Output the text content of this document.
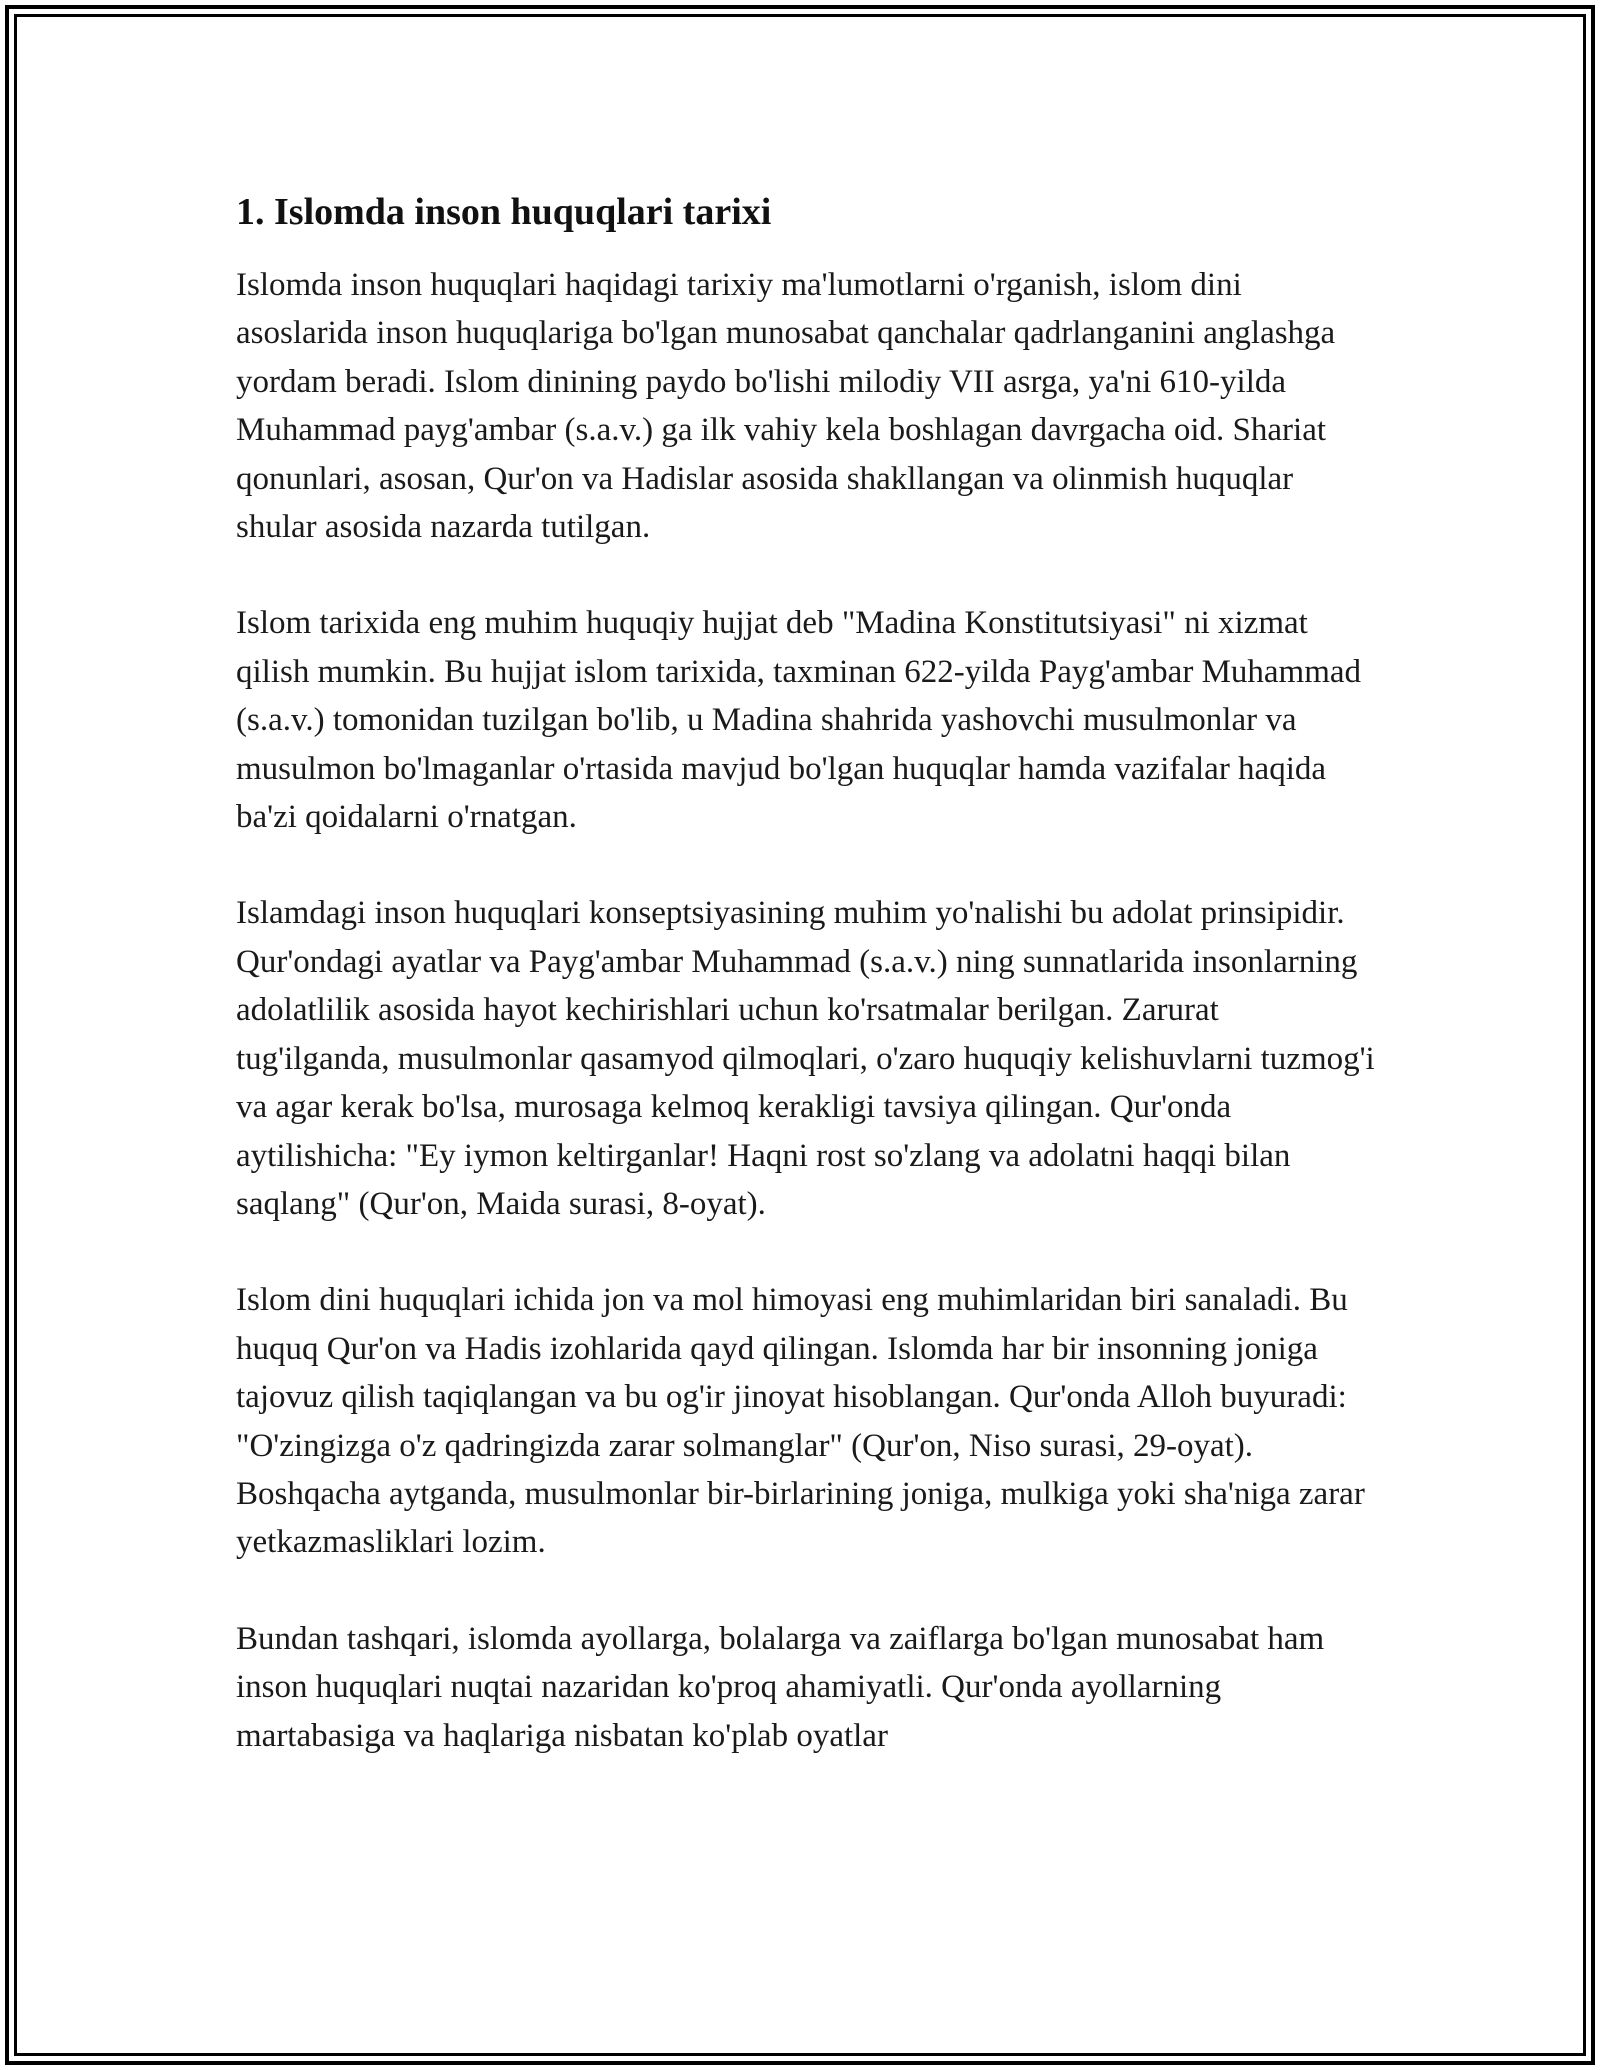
1. Islomda inson huquqlari tarixi

Islomda inson huquqlari haqidagi tarixiy ma'lumotlarni o'rganish, islom dini asoslarida inson huquqlariga bo'lgan munosabat qanchalar qadrlanganini anglashga yordam beradi. Islom dinining paydo bo'lishi milodiy VII asrga, ya'ni 610-yilda Muhammad payg'ambar (s.a.v.) ga ilk vahiy kela boshlagan davrgacha oid. Shariat qonunlari, asosan, Qur'on va Hadislar asosida shakllangan va olinmish huquqlar shular asosida nazarda tutilgan.

Islom tarixida eng muhim huquqiy hujjat deb "Madina Konstitutsiyasi" ni xizmat qilish mumkin. Bu hujjat islom tarixida, taxminan 622-yilda Payg'ambar Muhammad (s.a.v.) tomonidan tuzilgan bo'lib, u Madina shahrida yashovchi musulmonlar va musulmon bo'lmaganlar o'rtasida mavjud bo'lgan huquqlar hamda vazifalar haqida ba'zi qoidalarni o'rnatgan.

Islamdagi inson huquqlari konseptsiyasining muhim yo'nalishi bu adolat prinsipidir. Qur'ondagi ayatlar va Payg'ambar Muhammad (s.a.v.) ning sunnatlarida insonlarning adolatlilik asosida hayot kechirishlari uchun ko'rsatmalar berilgan. Zarurat tug'ilganda, musulmonlar qasamyod qilmoqlari, o'zaro huquqiy kelishuvlarni tuzmog'i va agar kerak bo'lsa, murosaga kelmoq kerakligi tavsiya qilingan. Qur'onda aytilishicha: "Ey iymon keltirganlar! Haqni rost so'zlang va adolatni haqqi bilan saqlang" (Qur'on, Maida surasi, 8-oyat).

Islom dini huquqlari ichida jon va mol himoyasi eng muhimlaridan biri sanaladi. Bu huquq Qur'on va Hadis izohlarida qayd qilingan. Islomda har bir insonning joniga tajovuz qilish taqiqlangan va bu og'ir jinoyat hisoblangan. Qur'onda Alloh buyuradi: "O'zingizga o'z qadringizda zarar solmanglar" (Qur'on, Niso surasi, 29-oyat). Boshqacha aytganda, musulmonlar bir-birlarining joniga, mulkiga yoki sha'niga zarar yetkazmasliklari lozim.

Bundan tashqari, islomda ayollarga, bolalarga va zaiflarga bo'lgan munosabat ham inson huquqlari nuqtai nazaridan ko'proq ahamiyatli. Qur'onda ayollarning martabasiga va haqlariga nisbatan ko'plab oyatlar
